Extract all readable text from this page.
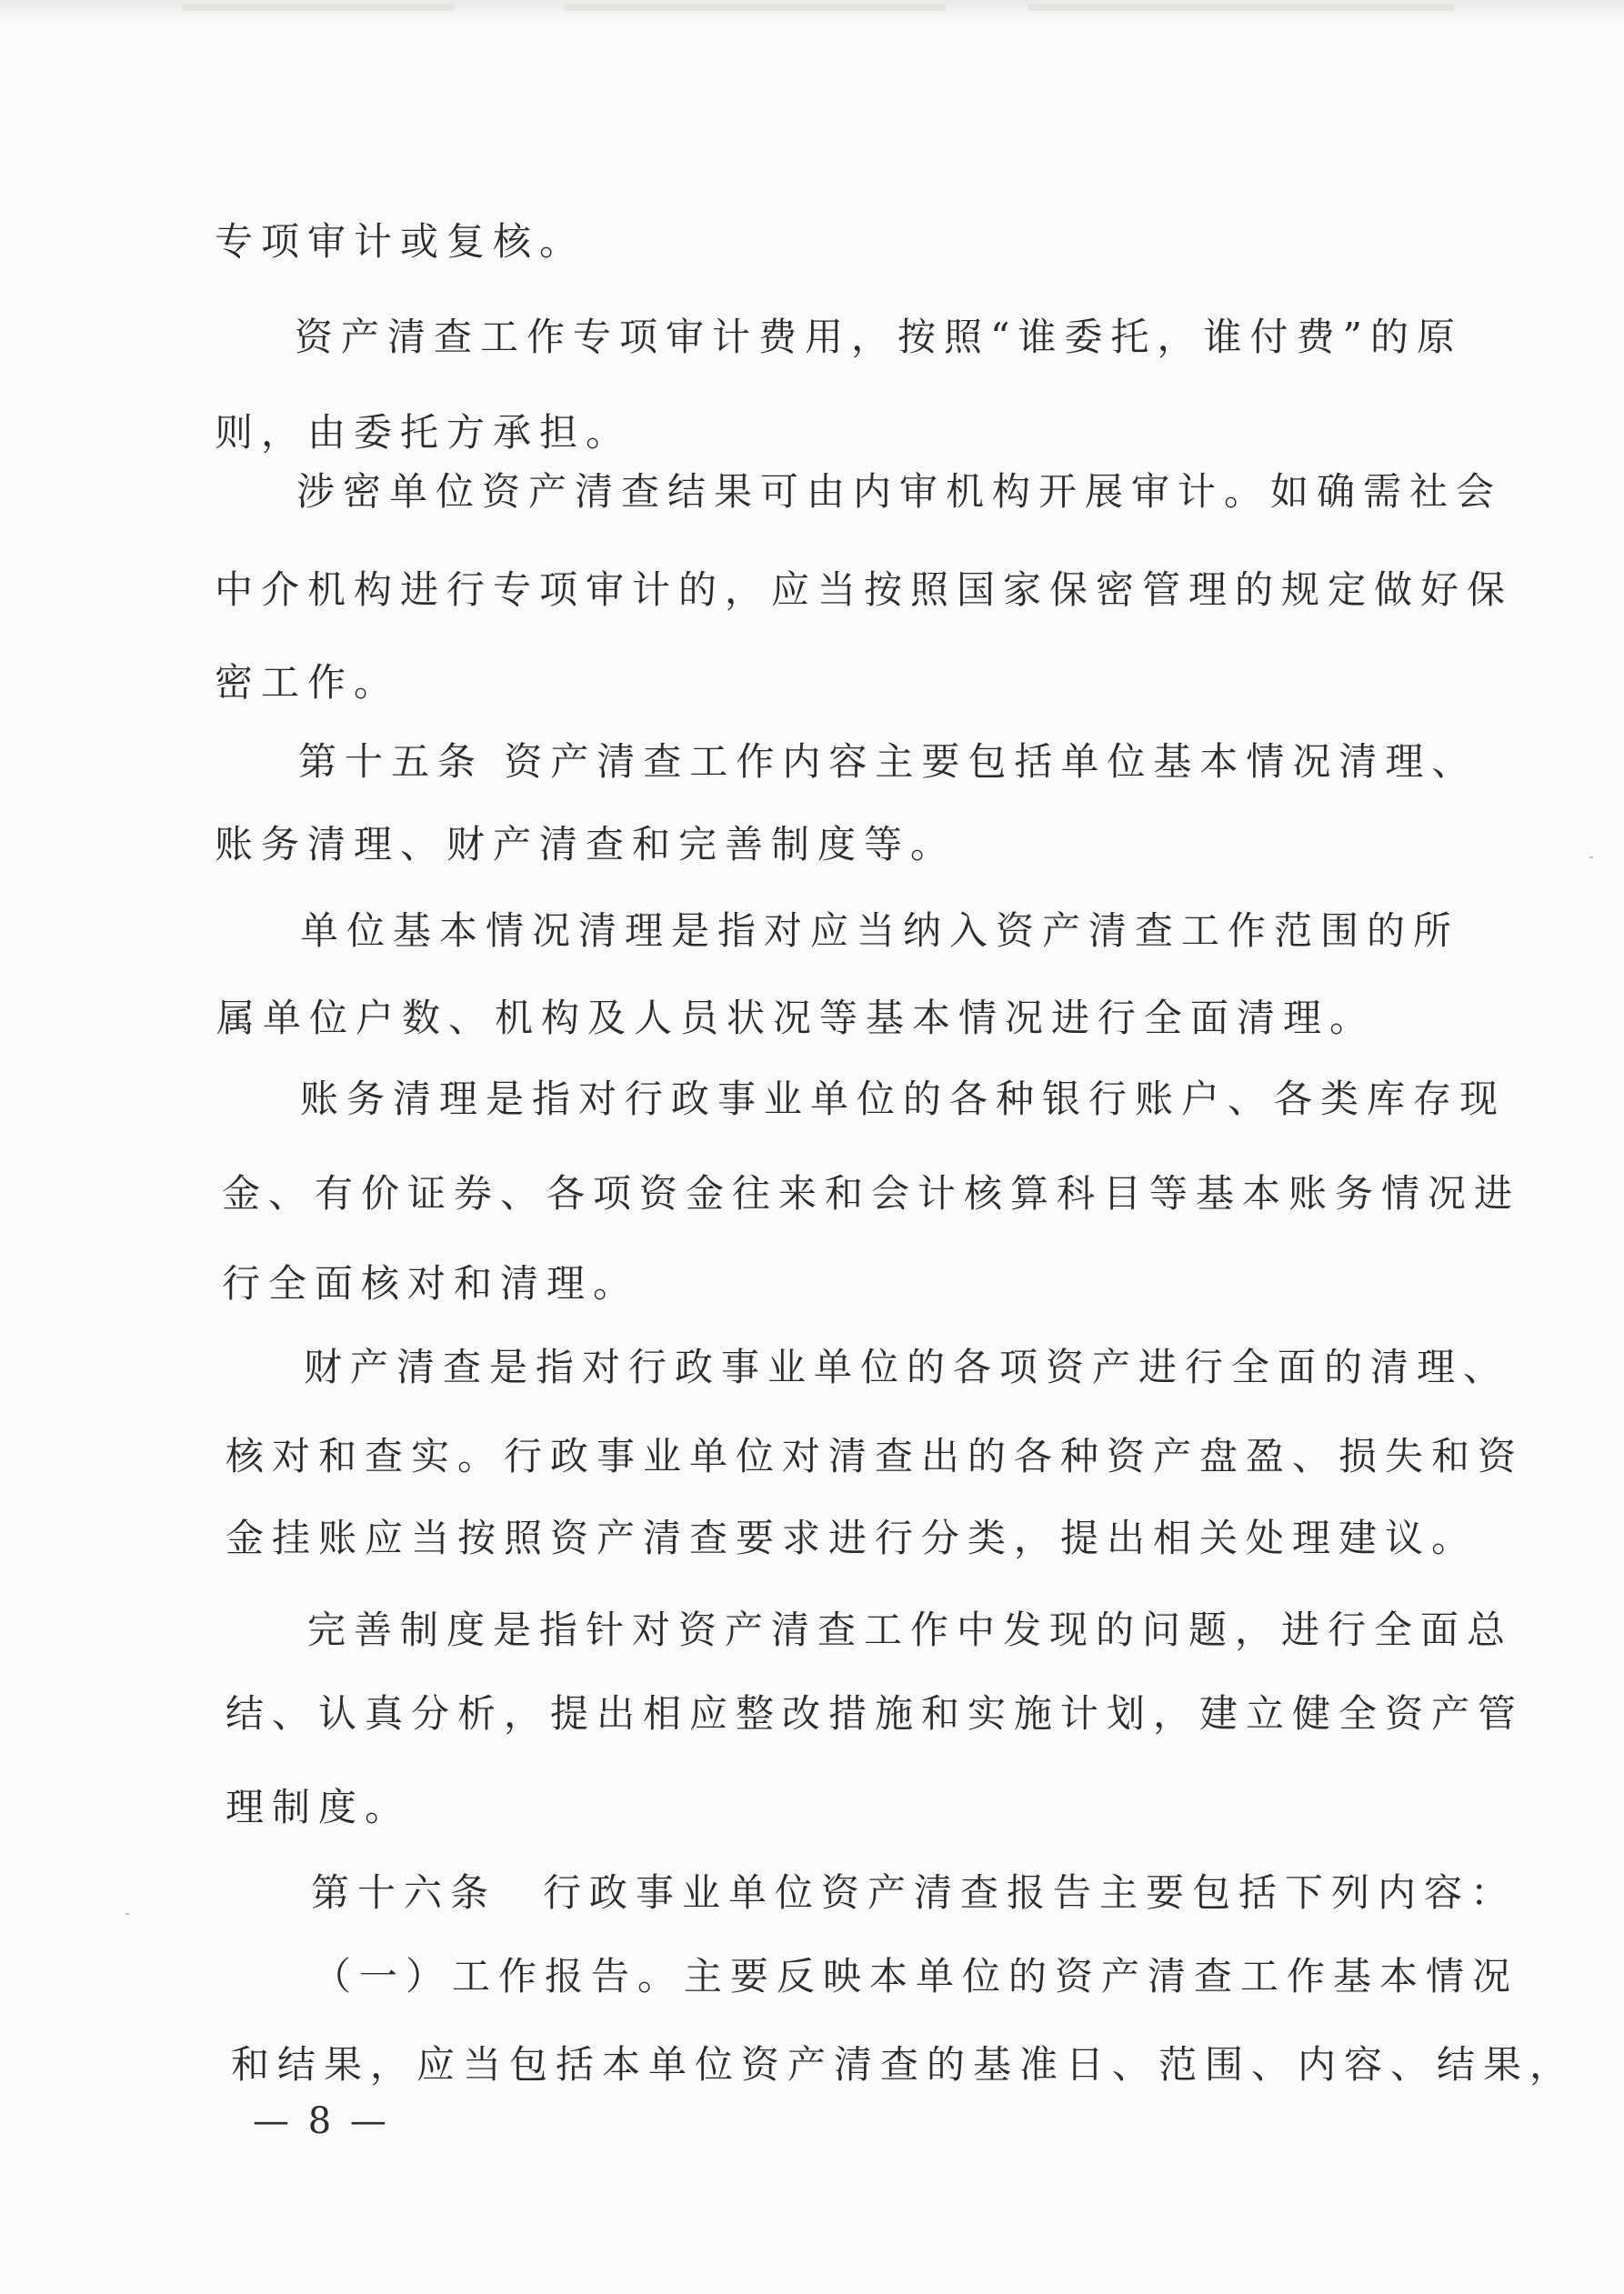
专项审计或复核。

资产清查工作专项审计费用，按照“谁委托，谁付费”的原

则，由委托方承担。

涉密单位资产清查结果可由内审机构开展审计。如确需社会

中介机构进行专项审计的，应当按照国家保密管理的规定做好保

密工作。

第十五条 资产清查工作内容主要包括单位基本情况清理、

账务清理、财产清查和完善制度等。

单位基本情况清理是指对应当纳入资产清查工作范围的所

属单位户数、机构及人员状况等基本情况进行全面清理。

账务清理是指对行政事业单位的各种银行账户、各类库存现

金、有价证券、各项资金往来和会计核算科目等基本账务情况进

行全面核对和清理。

财产清查是指对行政事业单位的各项资产进行全面的清理、

核对和查实。行政事业单位对清查出的各种资产盘盈、损失和资

金挂账应当按照资产清查要求进行分类，提出相关处理建议。

完善制度是指针对资产清查工作中发现的问题，进行全面总

结、认真分析，提出相应整改措施和实施计划，建立健全资产管

理制度。

第十六条　行政事业单位资产清查报告主要包括下列内容：

（一）工作报告。主要反映本单位的资产清查工作基本情况

和结果，应当包括本单位资产清查的基准日、范围、内容、结果，

— 8 —
